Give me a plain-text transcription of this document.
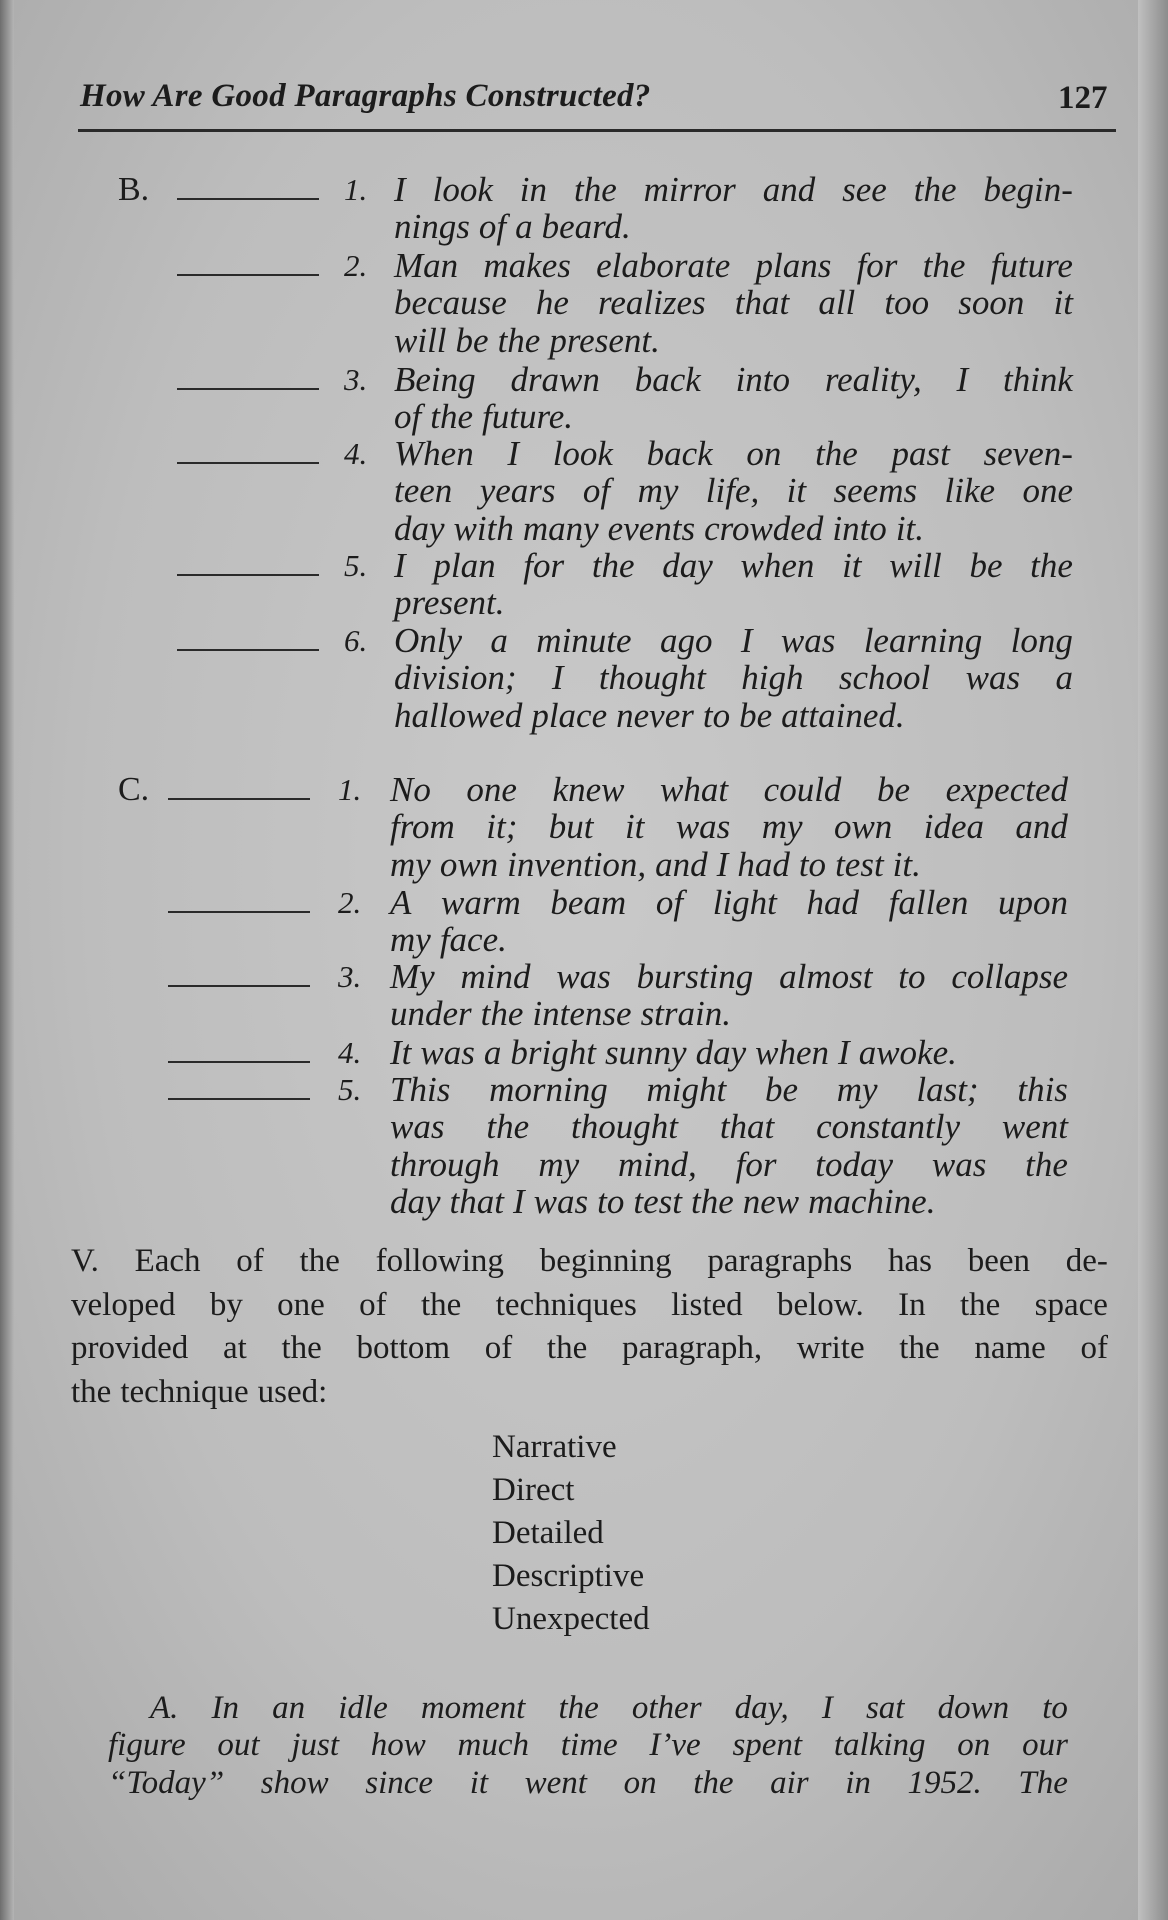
How Are Good Paragraphs Constructed?	127
B.	1. I look in the mirror and see the begin-
nings of a beard.
2. Man makes elaborate plans for the future
because he realizes that all too soon it
will be the present.
3. Being drawn back into reality, I think
of the future.
4. When I look back on the past seven-
teen years of my life, it seems like one
day with many events crowded into it.
5. I plan for the day when it will be the
present.
6. Only a minute ago I was learning long
division; I thought high school was a
hallowed place never to be attained.
C.	1. No one knew what could be expected
from it; but it was my own idea and
my own invention, and I had to test it.
2. A warm beam of light had fallen upon
my face.
3. My mind was bursting almost to collapse
under the intense strain.
4. It was a bright sunny day when I awoke.
5. This morning might be my last; this
was the thought that constantly went
through my mind, for today was the
day that I was to test the new machine.
V. Each of the following beginning paragraphs has been de-
veloped by one of the techniques listed below. In the space
provided at the bottom of the paragraph, write the name of
the technique used:
Narrative
Direct
Detailed
Descriptive
Unexpected
A. In an idle moment the other day, I sat down to
figure out just how much time I’ve spent talking on our
“Today” show since it went on the air in 1952. The
